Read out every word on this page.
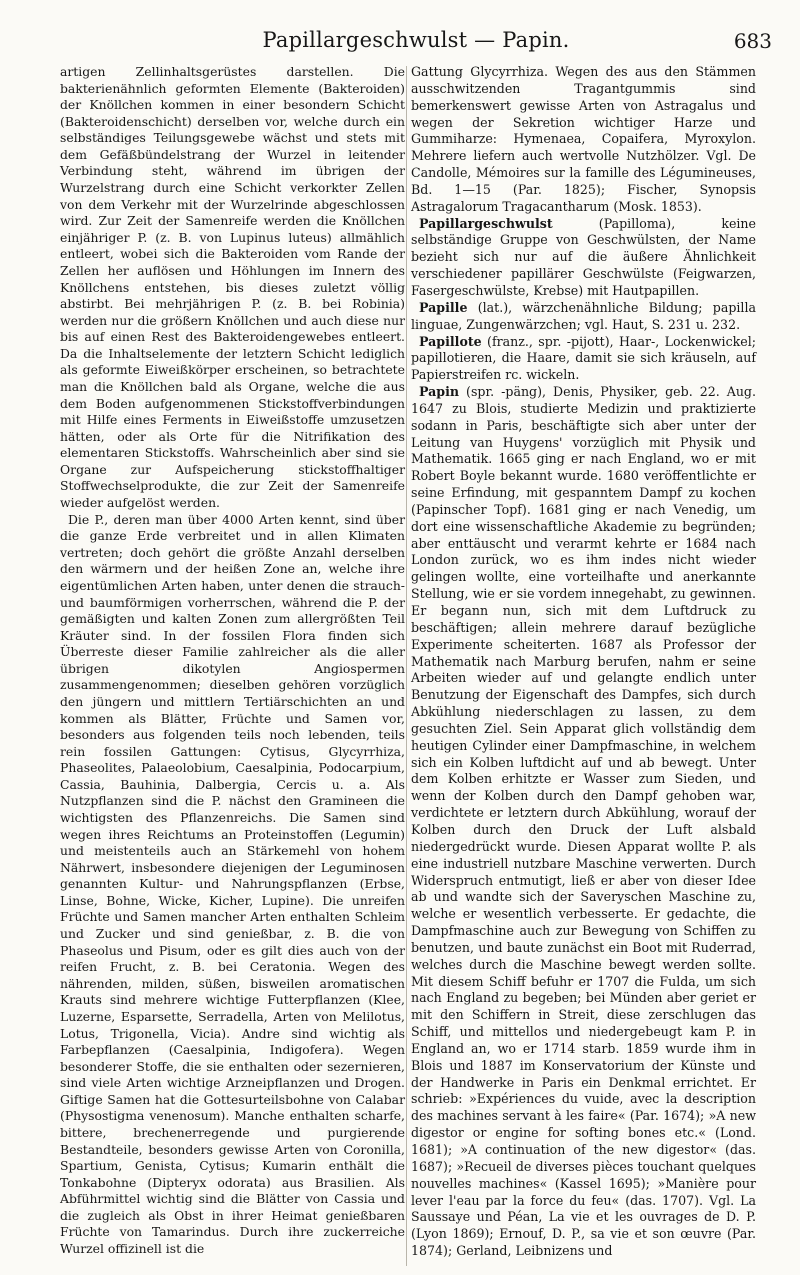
Papillargeschwulst — Papin.	683

artigen Zellinhaltsgerüstes darstellen. Die bakterienähnlich geformten Elemente (Bakteroiden) der Knöllchen kommen in einer besondern Schicht (Bakteroidenschicht) derselben vor, welche durch ein selbständiges Teilungsgewebe wächst und stets mit dem Gefäßbündelstrang der Wurzel in leitender Verbindung steht, während im übrigen der Wurzelstrang durch eine Schicht verkorkter Zellen von dem Verkehr mit der Wurzelrinde abgeschlossen wird. Zur Zeit der Samenreife werden die Knöllchen einjähriger P. (z. B. von Lupinus luteus) allmählich entleert, wobei sich die Bakteroiden vom Rande der Zellen her auflösen und Höhlungen im Innern des Knöllchens entstehen, bis dieses zuletzt völlig abstirbt. Bei mehrjährigen P. (z. B. bei Robinia) werden nur die größern Knöllchen und auch diese nur bis auf einen Rest des Bakteroidengewebes entleert. Da die Inhaltselemente der letztern Schicht lediglich als geformte Eiweißkörper erscheinen, so betrachtete man die Knöllchen bald als Organe, welche die aus dem Boden aufgenommenen Stickstoffverbindungen mit Hilfe eines Ferments in Eiweißstoffe umzusetzen hätten, oder als Orte für die Nitrifikation des elementaren Stickstoffs. Wahrscheinlich aber sind sie Organe zur Aufspeicherung stickstoffhaltiger Stoffwechselprodukte, die zur Zeit der Samenreife wieder aufgelöst werden.

Die P., deren man über 4000 Arten kennt, sind über die ganze Erde verbreitet und in allen Klimaten vertreten; doch gehört die größte Anzahl derselben den wärmern und der heißen Zone an, welche ihre eigentümlichen Arten haben, unter denen die strauch- und baumförmigen vorherrschen, während die P. der gemäßigten und kalten Zonen zum allergrößten Teil Kräuter sind. In der fossilen Flora finden sich Überreste dieser Familie zahlreicher als die aller übrigen dikotylen Angiospermen zusammengenommen; dieselben gehören vorzüglich den jüngern und mittlern Tertiärschichten an und kommen als Blätter, Früchte und Samen vor, besonders aus folgenden teils noch lebenden, teils rein fossilen Gattungen: Cytisus, Glycyrrhiza, Phaseolites, Palaeolobium, Caesalpinia, Podocarpium, Cassia, Bauhinia, Dalbergia, Cercis u. a. Als Nutzpflanzen sind die P. nächst den Gramineen die wichtigsten des Pflanzenreichs. Die Samen sind wegen ihres Reichtums an Proteinstoffen (Legumin) und meistenteils auch an Stärkemehl von hohem Nährwert, insbesondere diejenigen der Leguminosen genannten Kultur- und Nahrungspflanzen (Erbse, Linse, Bohne, Wicke, Kicher, Lupine). Die unreifen Früchte und Samen mancher Arten enthalten Schleim und Zucker und sind genießbar, z. B. die von Phaseolus und Pisum, oder es gilt dies auch von der reifen Frucht, z. B. bei Ceratonia. Wegen des nährenden, milden, süßen, bisweilen aromatischen Krauts sind mehrere wichtige Futterpflanzen (Klee, Luzerne, Esparsette, Serradella, Arten von Melilotus, Lotus, Trigonella, Vicia). Andre sind wichtig als Farbepflanzen (Caesalpinia, Indigofera). Wegen besonderer Stoffe, die sie enthalten oder sezernieren, sind viele Arten wichtige Arzneipflanzen und Drogen. Giftige Samen hat die Gottesurteilsbohne von Calabar (Physostigma venenosum). Manche enthalten scharfe, bittere, brechenerregende und purgierende Bestandteile, besonders gewisse Arten von Coronilla, Spartium, Genista, Cytisus; Kumarin enthält die Tonkabohne (Dipteryx odorata) aus Brasilien. Als Abführmittel wichtig sind die Blätter von Cassia und die zugleich als Obst in ihrer Heimat genießbaren Früchte von Tamarindus. Durch ihre zuckerreiche Wurzel offizinell ist die

Gattung Glycyrrhiza. Wegen des aus den Stämmen ausschwitzenden Tragantgummis sind bemerkenswert gewisse Arten von Astragalus und wegen der Sekretion wichtiger Harze und Gummiharze: Hymenaea, Copaifera, Myroxylon. Mehrere liefern auch wertvolle Nutzhölzer. Vgl. De Candolle, Mémoires sur la famille des Légumineuses, Bd. 1—15 (Par. 1825); Fischer, Synopsis Astragalorum Tragacantharum (Mosk. 1853).

Papillargeschwulst (Papilloma), keine selbständige Gruppe von Geschwülsten, der Name bezieht sich nur auf die äußere Ähnlichkeit verschiedener papillärer Geschwülste (Feigwarzen, Fasergeschwülste, Krebse) mit Hautpapillen.

Papille (lat.), wärzchenähnliche Bildung; papilla linguae, Zungenwärzchen; vgl. Haut, S. 231 u. 232.

Papillote (franz., spr. -pijott), Haar-, Lockenwickel; papillotieren, die Haare, damit sie sich kräuseln, auf Papierstreifen rc. wickeln.

Papin (spr. -päng), Denis, Physiker, geb. 22. Aug. 1647 zu Blois, studierte Medizin und praktizierte sodann in Paris, beschäftigte sich aber unter der Leitung van Huygens' vorzüglich mit Physik und Mathematik. 1665 ging er nach England, wo er mit Robert Boyle bekannt wurde. 1680 veröffentlichte er seine Erfindung, mit gespanntem Dampf zu kochen (Papinscher Topf). 1681 ging er nach Venedig, um dort eine wissenschaftliche Akademie zu begründen; aber enttäuscht und verarmt kehrte er 1684 nach London zurück, wo es ihm indes nicht wieder gelingen wollte, eine vorteilhafte und anerkannte Stellung, wie er sie vordem innegehabt, zu gewinnen. Er begann nun, sich mit dem Luftdruck zu beschäftigen; allein mehrere darauf bezügliche Experimente scheiterten. 1687 als Professor der Mathematik nach Marburg berufen, nahm er seine Arbeiten wieder auf und gelangte endlich unter Benutzung der Eigenschaft des Dampfes, sich durch Abkühlung niederschlagen zu lassen, zu dem gesuchten Ziel. Sein Apparat glich vollständig dem heutigen Cylinder einer Dampfmaschine, in welchem sich ein Kolben luftdicht auf und ab bewegt. Unter dem Kolben erhitzte er Wasser zum Sieden, und wenn der Kolben durch den Dampf gehoben war, verdichtete er letztern durch Abkühlung, worauf der Kolben durch den Druck der Luft alsbald niedergedrückt wurde. Diesen Apparat wollte P. als eine industriell nutzbare Maschine verwerten. Durch Widerspruch entmutigt, ließ er aber von dieser Idee ab und wandte sich der Saveryschen Maschine zu, welche er wesentlich verbesserte. Er gedachte, die Dampfmaschine auch zur Bewegung von Schiffen zu benutzen, und baute zunächst ein Boot mit Ruderrad, welches durch die Maschine bewegt werden sollte. Mit diesem Schiff befuhr er 1707 die Fulda, um sich nach England zu begeben; bei Münden aber geriet er mit den Schiffern in Streit, diese zerschlugen das Schiff, und mittellos und niedergebeugt kam P. in England an, wo er 1714 starb. 1859 wurde ihm in Blois und 1887 im Konservatorium der Künste und der Handwerke in Paris ein Denkmal errichtet. Er schrieb: »Expériences du vuide, avec la description des machines servant à les faire« (Par. 1674); »A new digestor or engine for softing bones etc.« (Lond. 1681); »A continuation of the new digestor« (das. 1687); »Recueil de diverses pièces touchant quelques nouvelles machines« (Kassel 1695); »Manière pour lever l'eau par la force du feu« (das. 1707). Vgl. La Saussaye und Péan, La vie et les ouvrages de D. P. (Lyon 1869); Ernouf, D. P., sa vie et son œuvre (Par. 1874); Gerland, Leibnizens und
